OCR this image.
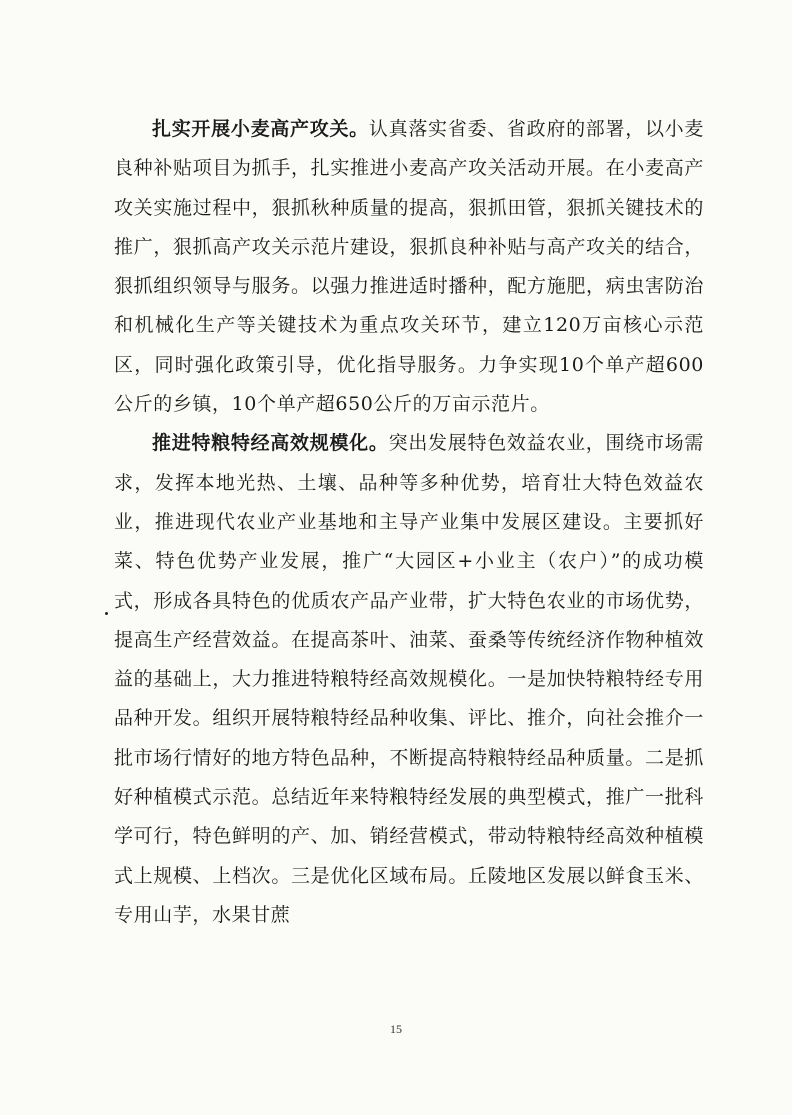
扎实开展小麦高产攻关。认真落实省委、省政府的部署，以小麦良种补贴项目为抓手，扎实推进小麦高产攻关活动开展。在小麦高产攻关实施过程中，狠抓秋种质量的提高，狠抓田管，狠抓关键技术的推广，狠抓高产攻关示范片建设，狠抓良种补贴与高产攻关的结合，狠抓组织领导与服务。以强力推进适时播种，配方施肥，病虫害防治和机械化生产等关键技术为重点攻关环节，建立120万亩核心示范区，同时强化政策引导，优化指导服务。力争实现10个单产超600公斤的乡镇，10个单产超650公斤的万亩示范片。

推进特粮特经高效规模化。突出发展特色效益农业，围绕市场需求，发挥本地光热、土壤、品种等多种优势，培育壮大特色效益农业，推进现代农业产业基地和主导产业集中发展区建设。主要抓好菜、特色优势产业发展，推广“大园区+小业主（农户）”的成功模式，形成各具特色的优质农产品产业带，扩大特色农业的市场优势，提高生产经营效益。在提高茶叶、油菜、蚕桑等传统经济作物种植效益的基础上，大力推进特粮特经高效规模化。一是加快特粮特经专用品种开发。组织开展特粮特经品种收集、评比、推介，向社会推介一批市场行情好的地方特色品种，不断提高特粮特经品种质量。二是抓好种植模式示范。总结近年来特粮特经发展的典型模式，推广一批科学可行，特色鲜明的产、加、销经营模式，带动特粮特经高效种植模式上规模、上档次。三是优化区域布局。丘陵地区发展以鲜食玉米、专用山芋，水果甘蔗

15
